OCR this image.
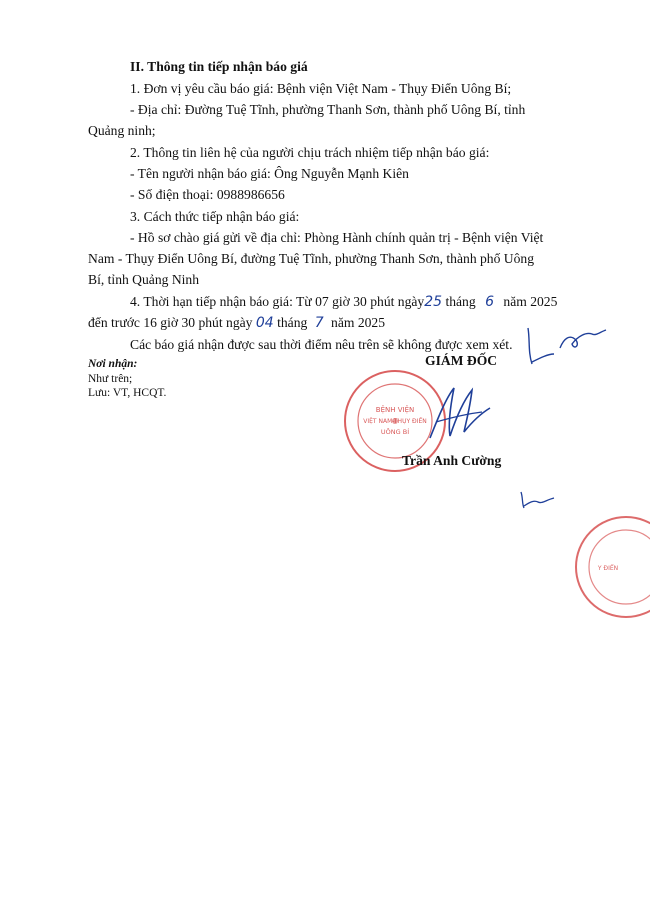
II. Thông tin tiếp nhận báo giá
1. Đơn vị yêu cầu báo giá: Bệnh viện Việt Nam - Thụy Điển Uông Bí;
- Địa chỉ: Đường Tuệ Tĩnh, phường Thanh Sơn, thành phố Uông Bí, tỉnh
Quảng ninh;
2. Thông tin liên hệ của người chịu trách nhiệm tiếp nhận báo giá:
- Tên người nhận báo giá: Ông Nguyễn Mạnh Kiên
- Số điện thoại: 0988986656
3. Cách thức tiếp nhận báo giá:
- Hồ sơ chào giá gửi về địa chỉ: Phòng Hành chính quản trị - Bệnh viện Việt
Nam - Thụy Điển Uông Bí, đường Tuệ Tĩnh, phường Thanh Sơn, thành phố Uông
Bí, tỉnh Quảng Ninh
4. Thời hạn tiếp nhận báo giá: Từ 07 giờ 30 phút ngày25 tháng 6 năm 2025
đến trước 16 giờ 30 phút ngày 04 tháng 7 năm 2025
Các báo giá nhận được sau thời điểm nêu trên sẽ không được xem xét.
Nơi nhận:
Như trên;
Lưu: VT, HCQT.
GIÁM ĐỐC
BỆNH VIỆN
VIỆT NAM-THỤY ĐIỂN
UÔNG BÍ
Trần Anh Cường
Y ĐIỂN
